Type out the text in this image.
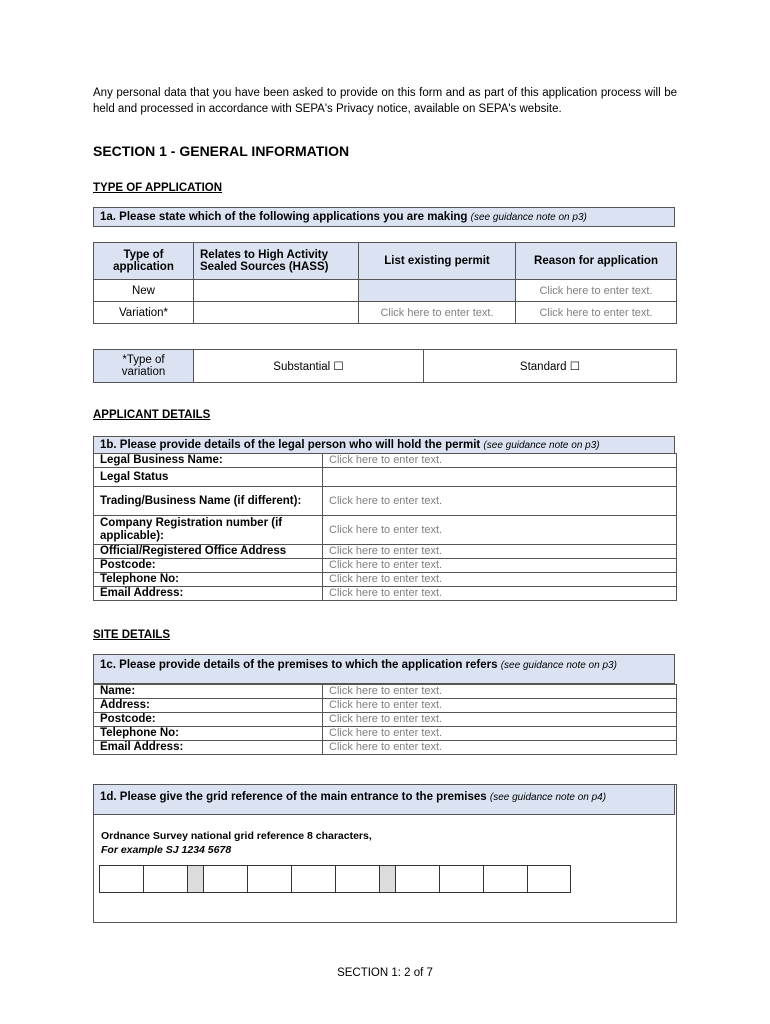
Any personal data that you have been asked to provide on this form and as part of this application process will be held and processed in accordance with SEPA's Privacy notice, available on SEPA's website.
SECTION 1 - GENERAL INFORMATION
TYPE OF APPLICATION
1a. Please state which of the following applications you are making (see guidance note on p3)
Type of application	Relates to High Activity Sealed Sources (HASS)	List existing permit	Reason for application
New			Click here to enter text.
Variation*		Click here to enter text.	Click here to enter text.
*Type of variation	Substantial ☐	Standard ☐
APPLICANT DETAILS
1b. Please provide details of the legal person who will hold the permit (see guidance note on p3)
Legal Business Name:	Click here to enter text.
Legal Status	
Trading/Business Name (if different):	Click here to enter text.
Company Registration number (if applicable):	Click here to enter text.
Official/Registered Office Address	Click here to enter text.
Postcode:	Click here to enter text.
Telephone No:	Click here to enter text.
Email Address:	Click here to enter text.
SITE DETAILS
1c. Please provide details of the premises to which the application refers (see guidance note on p3)
Name:	Click here to enter text.
Address:	Click here to enter text.
Postcode:	Click here to enter text.
Telephone No:	Click here to enter text.
Email Address:	Click here to enter text.
1d. Please give the grid reference of the main entrance to the premises (see guidance note on p4)
Ordnance Survey national grid reference 8 characters,
For example SJ 1234 5678
SECTION 1: 2 of 7
